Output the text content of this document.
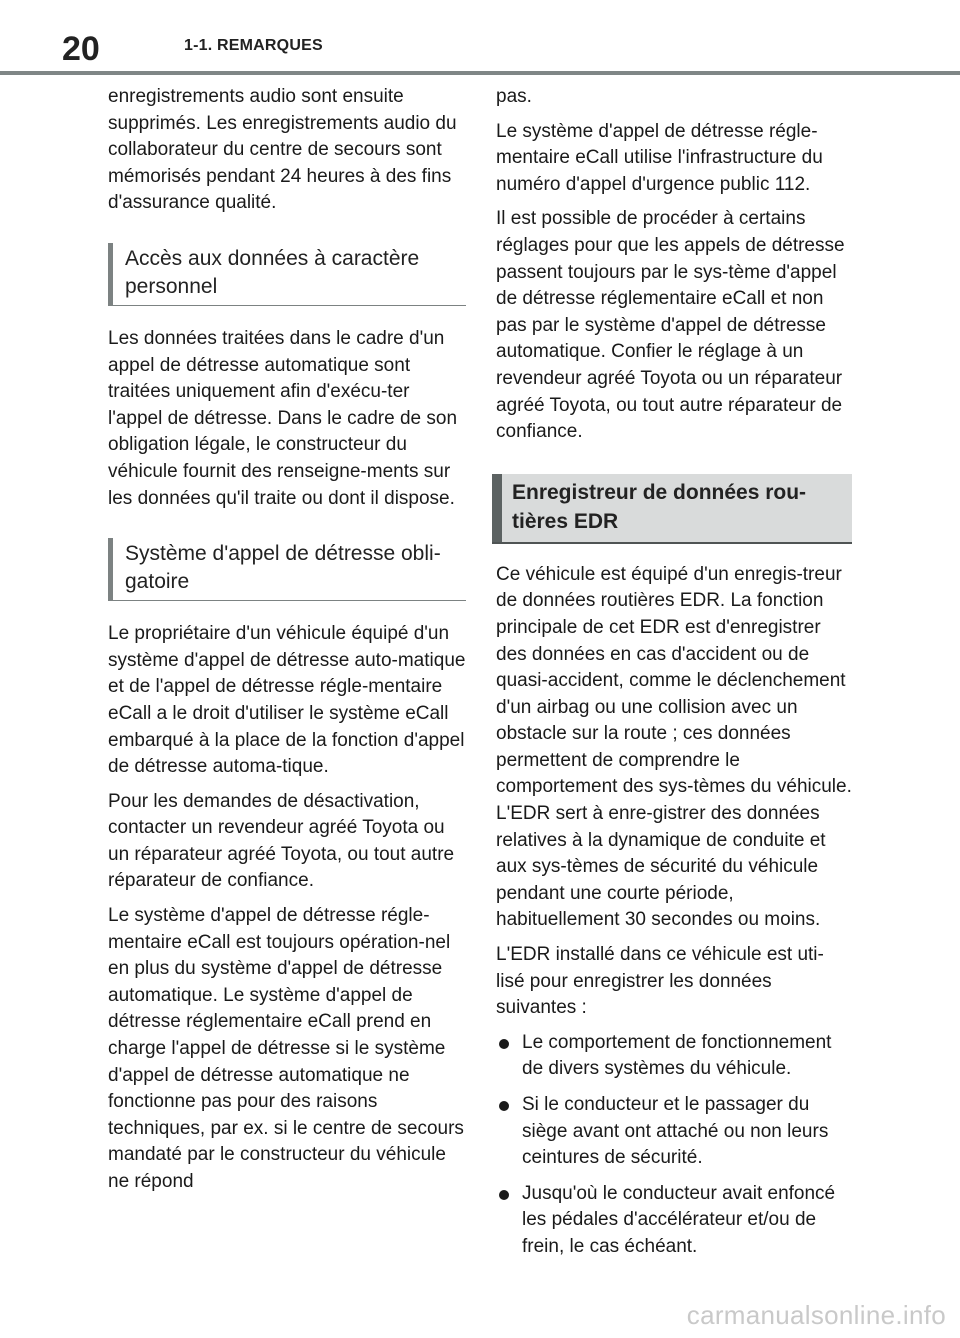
20	1-1. REMARQUES

enregistrements audio sont ensuite supprimés. Les enregistrements audio du collaborateur du centre de secours sont mémorisés pendant 24 heures à des fins d'assurance qualité.

Accès aux données à caractère personnel

Les données traitées dans le cadre d'un appel de détresse automatique sont traitées uniquement afin d'exécu-ter l'appel de détresse. Dans le cadre de son obligation légale, le constructeur du véhicule fournit des renseigne-ments sur les données qu'il traite ou dont il dispose.

Système d'appel de détresse obli-gatoire

Le propriétaire d'un véhicule équipé d'un système d'appel de détresse auto-matique et de l'appel de détresse régle-mentaire eCall a le droit d'utiliser le système eCall embarqué à la place de la fonction d'appel de détresse automa-tique.

Pour les demandes de désactivation, contacter un revendeur agréé Toyota ou un réparateur agréé Toyota, ou tout autre réparateur de confiance.

Le système d'appel de détresse régle-mentaire eCall est toujours opération-nel en plus du système d'appel de détresse automatique. Le système d'appel de détresse réglementaire eCall prend en charge l'appel de détresse si le système d'appel de détresse automatique ne fonctionne pas pour des raisons techniques, par ex. si le centre de secours mandaté par le constructeur du véhicule ne répond

pas.

Le système d'appel de détresse régle-mentaire eCall utilise l'infrastructure du numéro d'appel d'urgence public 112.

Il est possible de procéder à certains réglages pour que les appels de détresse passent toujours par le sys-tème d'appel de détresse réglementaire eCall et non pas par le système d'appel de détresse automatique. Confier le réglage à un revendeur agréé Toyota ou un réparateur agréé Toyota, ou tout autre réparateur de confiance.

Enregistreur de données rou-tières EDR

Ce véhicule est équipé d'un enregis-treur de données routières EDR. La fonction principale de cet EDR est d'enregistrer des données en cas d'accident ou de quasi-accident, comme le déclenchement d'un airbag ou une collision avec un obstacle sur la route ; ces données permettent de comprendre le comportement des sys-tèmes du véhicule. L'EDR sert à enre-gistrer des données relatives à la dynamique de conduite et aux sys-tèmes de sécurité du véhicule pendant une courte période, habituellement 30 secondes ou moins.

L'EDR installé dans ce véhicule est uti-lisé pour enregistrer les données suivantes :

Le comportement de fonctionnement de divers systèmes du véhicule.
Si le conducteur et le passager du siège avant ont attaché ou non leurs ceintures de sécurité.
Jusqu'où le conducteur avait enfoncé les pédales d'accélérateur et/ou de frein, le cas échéant.
carmanualsonline.info
